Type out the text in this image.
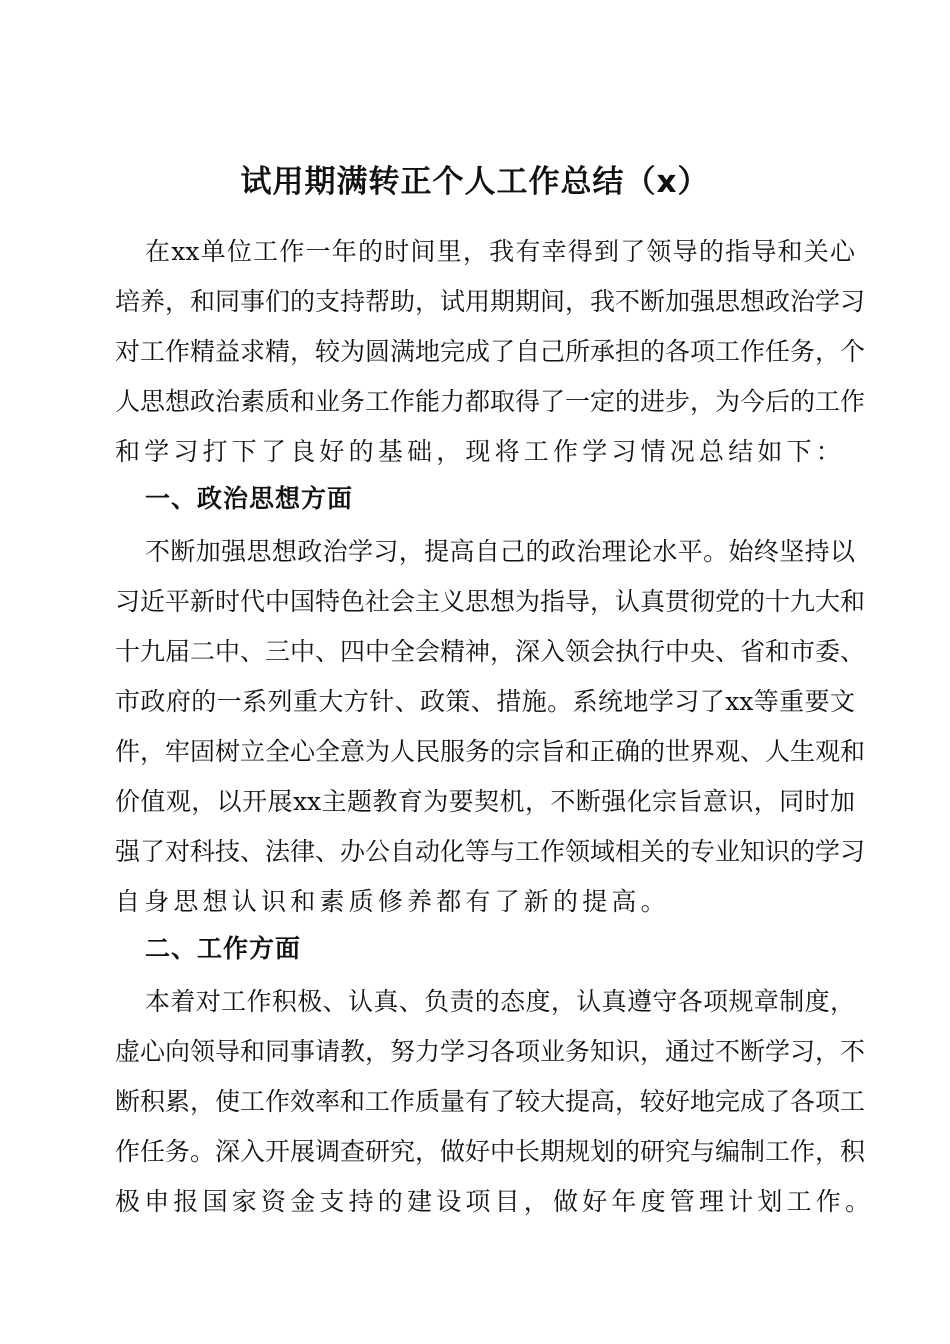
试用期满转正个人工作总结（x）
在xx单位工作一年的时间里，我有幸得到了领导的指导和关心
培养，和同事们的支持帮助，试用期期间，我不断加强思想政治学习
对工作精益求精，较为圆满地完成了自己所承担的各项工作任务，个
人思想政治素质和业务工作能力都取得了一定的进步，为今后的工作
和学习打下了良好的基础，现将工作学习情况总结如下：
一、政治思想方面
不断加强思想政治学习，提高自己的政治理论水平。始终坚持以
习近平新时代中国特色社会主义思想为指导，认真贯彻党的十九大和
十九届二中、三中、四中全会精神，深入领会执行中央、省和市委、
市政府的一系列重大方针、政策、措施。系统地学习了xx等重要文
件，牢固树立全心全意为人民服务的宗旨和正确的世界观、人生观和
价值观，以开展xx主题教育为要契机，不断强化宗旨意识，同时加
强了对科技、法律、办公自动化等与工作领域相关的专业知识的学习
自身思想认识和素质修养都有了新的提高。
二、工作方面
本着对工作积极、认真、负责的态度，认真遵守各项规章制度，
虚心向领导和同事请教，努力学习各项业务知识，通过不断学习，不
断积累，使工作效率和工作质量有了较大提高，较好地完成了各项工
作任务。深入开展调查研究，做好中长期规划的研究与编制工作，积
极申报国家资金支持的建设项目，做好年度管理计划工作。
